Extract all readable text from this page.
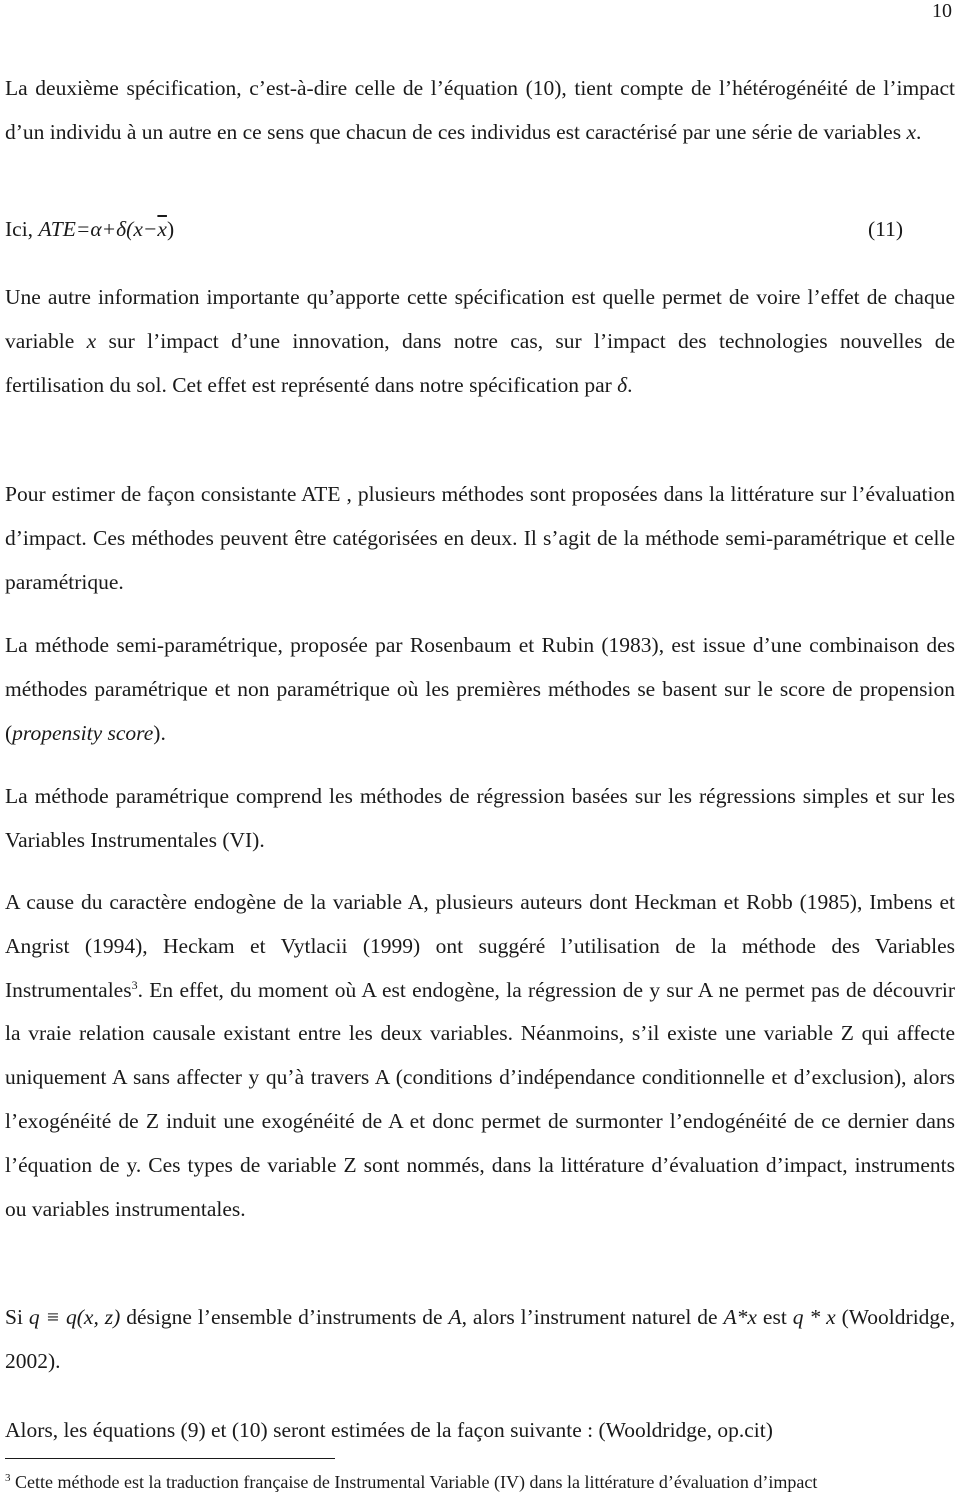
10
La deuxième spécification, c’est-à-dire celle de l’équation (10), tient compte de l’hétérogénéité de l’impact d’un individu à un autre en ce sens que chacun de ces individus est caractérisé par une série de variables x.
Ici, $ATE=\alpha+\delta(x-\overline{x})$	(11)
Une autre information importante qu’apporte cette spécification est quelle permet de voire l’effet de chaque variable x sur l’impact d’une innovation, dans notre cas, sur l’impact des technologies nouvelles de fertilisation du sol. Cet effet est représenté dans notre spécification par δ.
Pour estimer de façon consistante ATE , plusieurs méthodes sont proposées dans la littérature sur l’évaluation d’impact. Ces méthodes peuvent être catégorisées en deux. Il s’agit de la méthode semi-paramétrique et celle paramétrique.
La méthode semi-paramétrique, proposée par Rosenbaum et Rubin (1983), est issue d’une combinaison des méthodes paramétrique et non paramétrique où les premières méthodes se basent sur le score de propension (propensity score).
La méthode paramétrique comprend les méthodes de régression basées sur les régressions simples et sur les Variables Instrumentales (VI).
A cause du caractère endogène de la variable A, plusieurs auteurs dont Heckman et Robb (1985), Imbens et Angrist (1994), Heckam et Vytlacii (1999) ont suggéré l’utilisation de la méthode des Variables Instrumentales$^3$. En effet, du moment où A est endogène, la régression de y sur A ne permet pas de découvrir la vraie relation causale existant entre les deux variables. Néanmoins, s’il existe une variable Z qui affecte uniquement A sans affecter y qu’à travers A (conditions d’indépendance conditionnelle et d’exclusion), alors l’exogénéité de Z induit une exogénéité de A et donc permet de surmonter l’endogénéité de ce dernier dans l’équation de y. Ces types de variable Z sont nommés, dans la littérature d’évaluation d’impact, instruments ou variables instrumentales.
Si q ≡ q(x, z) désigne l’ensemble d’instruments de A, alors l’instrument naturel de A*x est q * x (Wooldridge, 2002).
Alors, les équations (9) et (10) seront estimées de la façon suivante : (Wooldridge, op.cit)
$^3$ Cette méthode est la traduction française de Instrumental Variable (IV) dans la littérature d’évaluation d’impact
